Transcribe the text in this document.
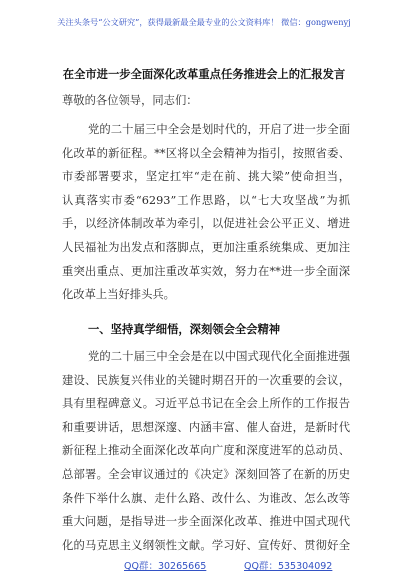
关注头条号“公文研究”，获得最新最全最专业的公文资料库！ 微信：gongwenyj
在全市进一步全面深化改革重点任务推进会上的汇报发言
尊敬的各位领导，同志们：
党的二十届三中全会是划时代的，开启了进一步全面
化改革的新征程。**区将以全会精神为指引，按照省委、
市委部署要求，坚定扛牢“走在前、挑大梁”使命担当，
认真落实市委“6293”工作思路，以“七大攻坚战”为抓
手，以经济体制改革为牵引，以促进社会公平正义、增进
人民福祉为出发点和落脚点，更加注重系统集成、更加注
重突出重点、更加注重改革实效，努力在**进一步全面深
化改革上当好排头兵。
一、坚持真学细悟，深刻领会全会精神
党的二十届三中全会是在以中国式现代化全面推进强
建设、民族复兴伟业的关键时期召开的一次重要的会议，
具有里程碑意义。习近平总书记在全会上所作的工作报告
和重要讲话，思想深邃、内涵丰富、催人奋进，是新时代
新征程上推动全面深化改革向广度和深度进军的总动员、
总部署。全会审议通过的《决定》深刻回答了在新的历史
条件下举什么旗、走什么路、改什么、为谁改、怎么改等
重大问题，是指导进一步全面深化改革、推进中国式现代
化的马克思主义纲领性文献。学习好、宣传好、贯彻好全
QQ群：30265665	QQ群：535304092
